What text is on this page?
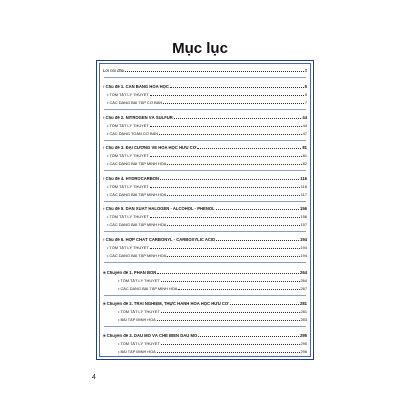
Mục lục
Lời nói đầu	3
› Chủ đề 1. CÂN BẰNG HÓA HỌC	5
• TÓM TẮT LÝ THUYẾT	5
• CÁC DẠNG BÀI TẬP CƠ BẢN	7
› Chủ đề 2. NITROGEN VÀ SULFUR	44
• TÓM TẮT LÝ THUYẾT	44
• CÁC DẠNG TOÁN CƠ BẢN	47
› Chủ đề 3. ĐẠI CƯƠNG VỀ HÓA HỌC HỮU CƠ	81
• TÓM TẮT LÝ THUYẾT	81
• CÁC DẠNG BÀI TẬP MINH HỌA	82
› Chủ đề 4. HYDROCARBON	116
• TÓM TẮT LÝ THUYẾT	116
• CÁC DẠNG BÀI TẬP MINH HỌA	117
› Chủ đề 5. DẪN XUẤT HALOGEN - ALCOHOL - PHENOL	156
• TÓM TẮT LÝ THUYẾT	156
• CÁC DẠNG BÀI TẬP MINH HỌA	157
› Chủ đề 6. HỢP CHẤT CARBONYL - CARBOXYLIC ACID	194
• TÓM TẮT LÝ THUYẾT	194
• CÁC DẠNG BÀI TẬP MINH HỌA	194
■ Chuyên đề 1. PHÂN BÓN	264
• TÓM TẮT LÝ THUYẾT	264
• CÁC DẠNG BÀI TẬP MINH HỌA	267
■ Chuyên đề 2. TRẢI NGHIỆM, THỰC HÀNH HÓA HỌC HỮU CƠ	281
• TÓM TẮT LÝ THUYẾT	281
• BÀI TẬP MINH HỌA	283
■ Chuyên đề 3. DẦU MỎ VÀ CHẾ BIẾN DẦU MỎ	295
• TÓM TẮT LÝ THUYẾT	295
• BÀI TẬP MINH HỌA	296
4
